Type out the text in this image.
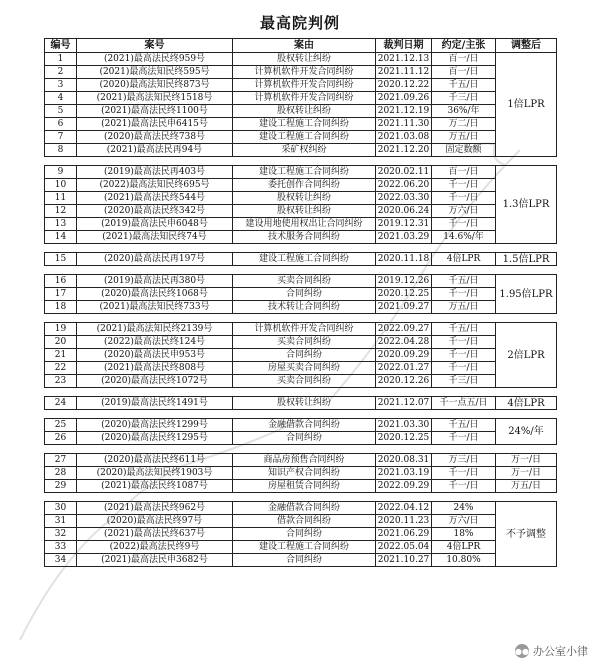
最高院判例
编号	案号	案由	裁判日期	约定/主张	调整后
1	(2021)最高法民终959号	股权转让纠纷	2021.12.13	百一/日	1倍LPR
2	(2021)最高法知民终595号	计算机软件开发合同纠纷	2021.11.12	百一/日	
3	(2020)最高法知民终873号	计算机软件开发合同纠纷	2020.12.22	千五/日	
4	(2021)最高法知民终1518号	计算机软件开发合同纠纷	2021.09.26	千三/日	
5	(2021)最高法民终1100号	股权转让纠纷	2021.12.19	36%/年	
6	(2021)最高法民申6415号	建设工程施工合同纠纷	2021.11.30	万二/日	
7	(2020)最高法民终738号	建设工程施工合同纠纷	2021.03.08	万五/日	
8	(2021)最高法民再94号	采矿权纠纷	2021.12.20	固定数额	

9	(2019)最高法民再403号	建设工程施工合同纠纷	2020.02.11	百一/日	1.3倍LPR
10	(2022)最高法知民终695号	委托创作合同纠纷	2022.06.20	千一/日	
11	(2021)最高法民终544号	股权转让纠纷	2022.03.30	千一/日	
12	(2020)最高法民终342号	股权转让纠纷	2020.06.24	万六/日	
13	(2019)最高法民申6048号	建设用地使用权出让合同纠纷	2019.12.31	千一/日	
14	(2021)最高法知民终74号	技术服务合同纠纷	2021.03.29	14.6%/年	

15	(2020)最高法民再197号	建设工程施工合同纠纷	2020.11.18	4倍LPR	1.5倍LPR

16	(2019)最高法民再380号	买卖合同纠纷	2019.12.26	千五/日	1.95倍LPR
17	(2020)最高法民终1068号	合同纠纷	2020.12.25	千一/日	
18	(2021)最高法知民终733号	技术转让合同纠纷	2021.09.27	万五/日	

19	(2021)最高法知民终2139号	计算机软件开发合同纠纷	2022.09.27	千五/日	2倍LPR
20	(2022)最高法民终124号	买卖合同纠纷	2022.04.28	千一/日	
21	(2020)最高法民申953号	合同纠纷	2020.09.29	千一/日	
22	(2021)最高法民终808号	房屋买卖合同纠纷	2022.01.27	千一/日	
23	(2020)最高法民终1072号	买卖合同纠纷	2020.12.26	千三/日	

24	(2019)最高法民终1491号	股权转让纠纷	2021.12.07	千一点五/日	4倍LPR

25	(2020)最高法民终1299号	金融借款合同纠纷	2021.03.30	千五/日	24%/年
26	(2020)最高法民终1295号	合同纠纷	2020.12.25	千一/日	

27	(2020)最高法民终611号	商品房预售合同纠纷	2020.08.31	万三/日	万一/日
28	(2020)最高法知民终1903号	知识产权合同纠纷	2021.03.19	千一/日	万一/日
29	(2021)最高法民终1087号	房屋租赁合同纠纷	2022.09.29	千一/日	万五/日

30	(2021)最高法民终962号	金融借款合同纠纷	2022.04.12	24%	不予调整
31	(2020)最高法民终97号	借款合同纠纷	2020.11.23	万六/日	
32	(2021)最高法民终637号	合同纠纷	2021.06.29	18%	
33	(2022)最高法民终9号	建设工程施工合同纠纷	2022.05.04	4倍LPR	
34	(2021)最高法民申3682号	合同纠纷	2021.10.27	10.80%	
●● 办公室小律
